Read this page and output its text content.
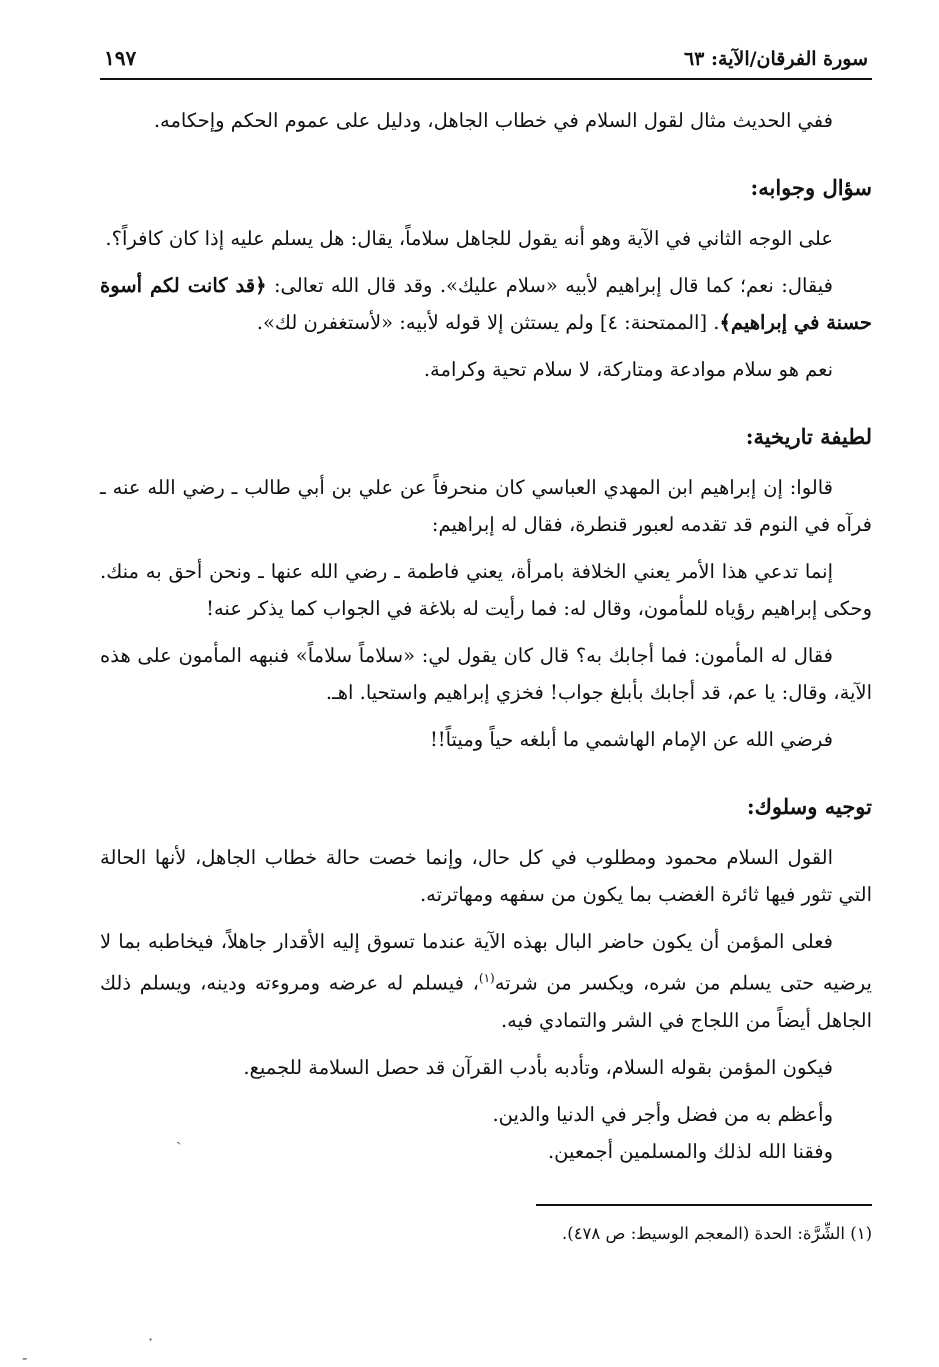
سورة الفرقان/الآية: ٦٣
١٩٧

ففي الحديث مثال لقول السلام في خطاب الجاهل، ودليل على عموم الحكم وإحكامه.

سؤال وجوابه:

على الوجه الثاني في الآية وهو أنه يقول للجاهل سلاماً، يقال: هل يسلم عليه إذا كان كافراً؟.

فيقال: نعم؛ كما قال إبراهيم لأبيه «سلام عليك». وقد قال الله تعالى: ﴿قد كانت لكم أسوة حسنة في إبراهيم﴾. [الممتحنة: ٤] ولم يستثن إلا قوله لأبيه: «لأستغفرن لك».

نعم هو سلام موادعة ومتاركة، لا سلام تحية وكرامة.

لطيفة تاريخية:

قالوا: إن إبراهيم ابن المهدي العباسي كان منحرفاً عن علي بن أبي طالب ـ رضي الله عنه ـ فرآه في النوم قد تقدمه لعبور قنطرة، فقال له إبراهيم:

إنما تدعي هذا الأمر يعني الخلافة بامرأة، يعني فاطمة ـ رضي الله عنها ـ ونحن أحق به منك. وحكى إبراهيم رؤياه للمأمون، وقال له: فما رأيت له بلاغة في الجواب كما يذكر عنه!

فقال له المأمون: فما أجابك به؟ قال كان يقول لي: «سلاماً سلاماً» فنبهه المأمون على هذه الآية، وقال: يا عم، قد أجابك بأبلغ جواب! فخزي إبراهيم واستحيا. اهـ.

فرضي الله عن الإمام الهاشمي ما أبلغه حياً وميتاً!!

توجيه وسلوك:

القول السلام محمود ومطلوب في كل حال، وإنما خصت حالة خطاب الجاهل، لأنها الحالة التي تثور فيها ثائرة الغضب بما يكون من سفهه ومهاترته.

فعلى المؤمن أن يكون حاضر البال بهذه الآية عندما تسوق إليه الأقدار جاهلاً، فيخاطبه بما لا يرضيه حتى يسلم من شره، ويكسر من شرته$^{(١)}$، فيسلم له عرضه ومروءته ودينه، ويسلم ذلك الجاهل أيضاً من اللجاج في الشر والتمادي فيه.

فيكون المؤمن بقوله السلام، وتأدبه بأدب القرآن قد حصل السلامة للجميع.

وأعظم به من فضل وأجر في الدنيا والدين.
وفقنا الله لذلك والمسلمين أجمعين.
(١) الشِّرَّة: الحدة (المعجم الوسيط: ص ٤٧٨).
ˏ
·
-
